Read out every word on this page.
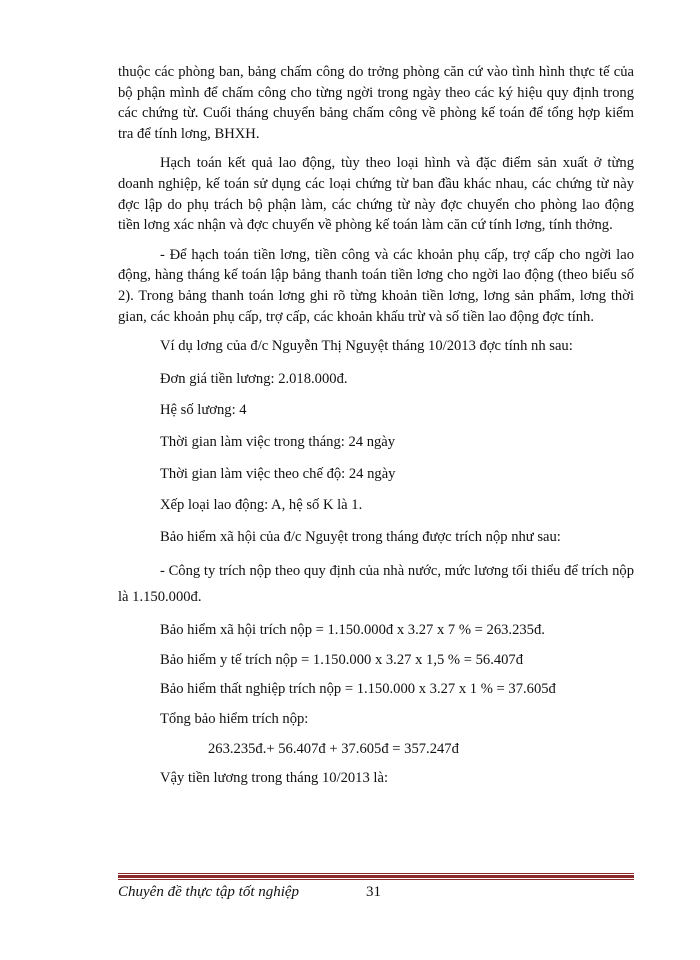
thuộc các phòng ban, bảng chấm công do trởng phòng căn cứ vào tình hình thực tế của bộ phận mình để chấm công cho từng ngời trong ngày theo các ký hiệu quy định trong các chứng từ. Cuối tháng chuyển bảng chấm công về phòng kế toán để tổng hợp kiểm tra để tính lơng, BHXH.

Hạch toán kết quả lao động, tùy theo loại hình và đặc điểm sản xuất ở từng doanh nghiệp, kế toán sử dụng các loại chứng từ ban đầu khác nhau, các chứng từ này đợc lập do phụ trách bộ phận làm, các chứng từ này đợc chuyển cho phòng lao động tiền lơng xác nhận và đợc chuyển về phòng kế toán làm căn cứ tính lơng, tính thởng.

- Để hạch toán tiền lơng, tiền công và các khoản phụ cấp, trợ cấp cho ngời lao động, hàng tháng kế toán lập bảng thanh toán tiền lơng cho ngời lao động (theo biểu số 2). Trong bảng thanh toán lơng ghi rõ từng khoản tiền lơng, lơng sản phẩm, lơng thời gian, các khoản phụ cấp, trợ cấp, các khoản khấu trừ và số tiền lao động đợc tính.

Ví dụ lơng của đ/c Nguyễn Thị Nguyệt tháng 10/2013 đợc tính nh sau:

Đơn giá tiền lương: 2.018.000đ.

Hệ số lương: 4

Thời gian làm việc trong tháng: 24 ngày

Thời gian làm việc theo chế độ: 24 ngày

Xếp loại lao động: A, hệ số K là 1.

Bảo hiểm xã hội của đ/c Nguyệt trong tháng được trích nộp như sau:

- Công ty trích nộp theo quy định của nhà nước, mức lương tối thiểu để trích nộp là 1.150.000đ.

Bảo hiểm xã hội trích nộp = 1.150.000đ x 3.27 x 7 % = 263.235đ.

Bảo hiểm y tế trích nộp = 1.150.000 x 3.27 x 1,5 % = 56.407đ

Bảo hiểm thất nghiệp trích nộp = 1.150.000 x 3.27 x 1 % = 37.605đ

Tổng bảo hiểm trích nộp:

263.235đ.+ 56.407đ + 37.605đ = 357.247đ

Vậy tiền lương trong tháng 10/2013 là:

Chuyên đề thực tập tốt nghiệp	31
